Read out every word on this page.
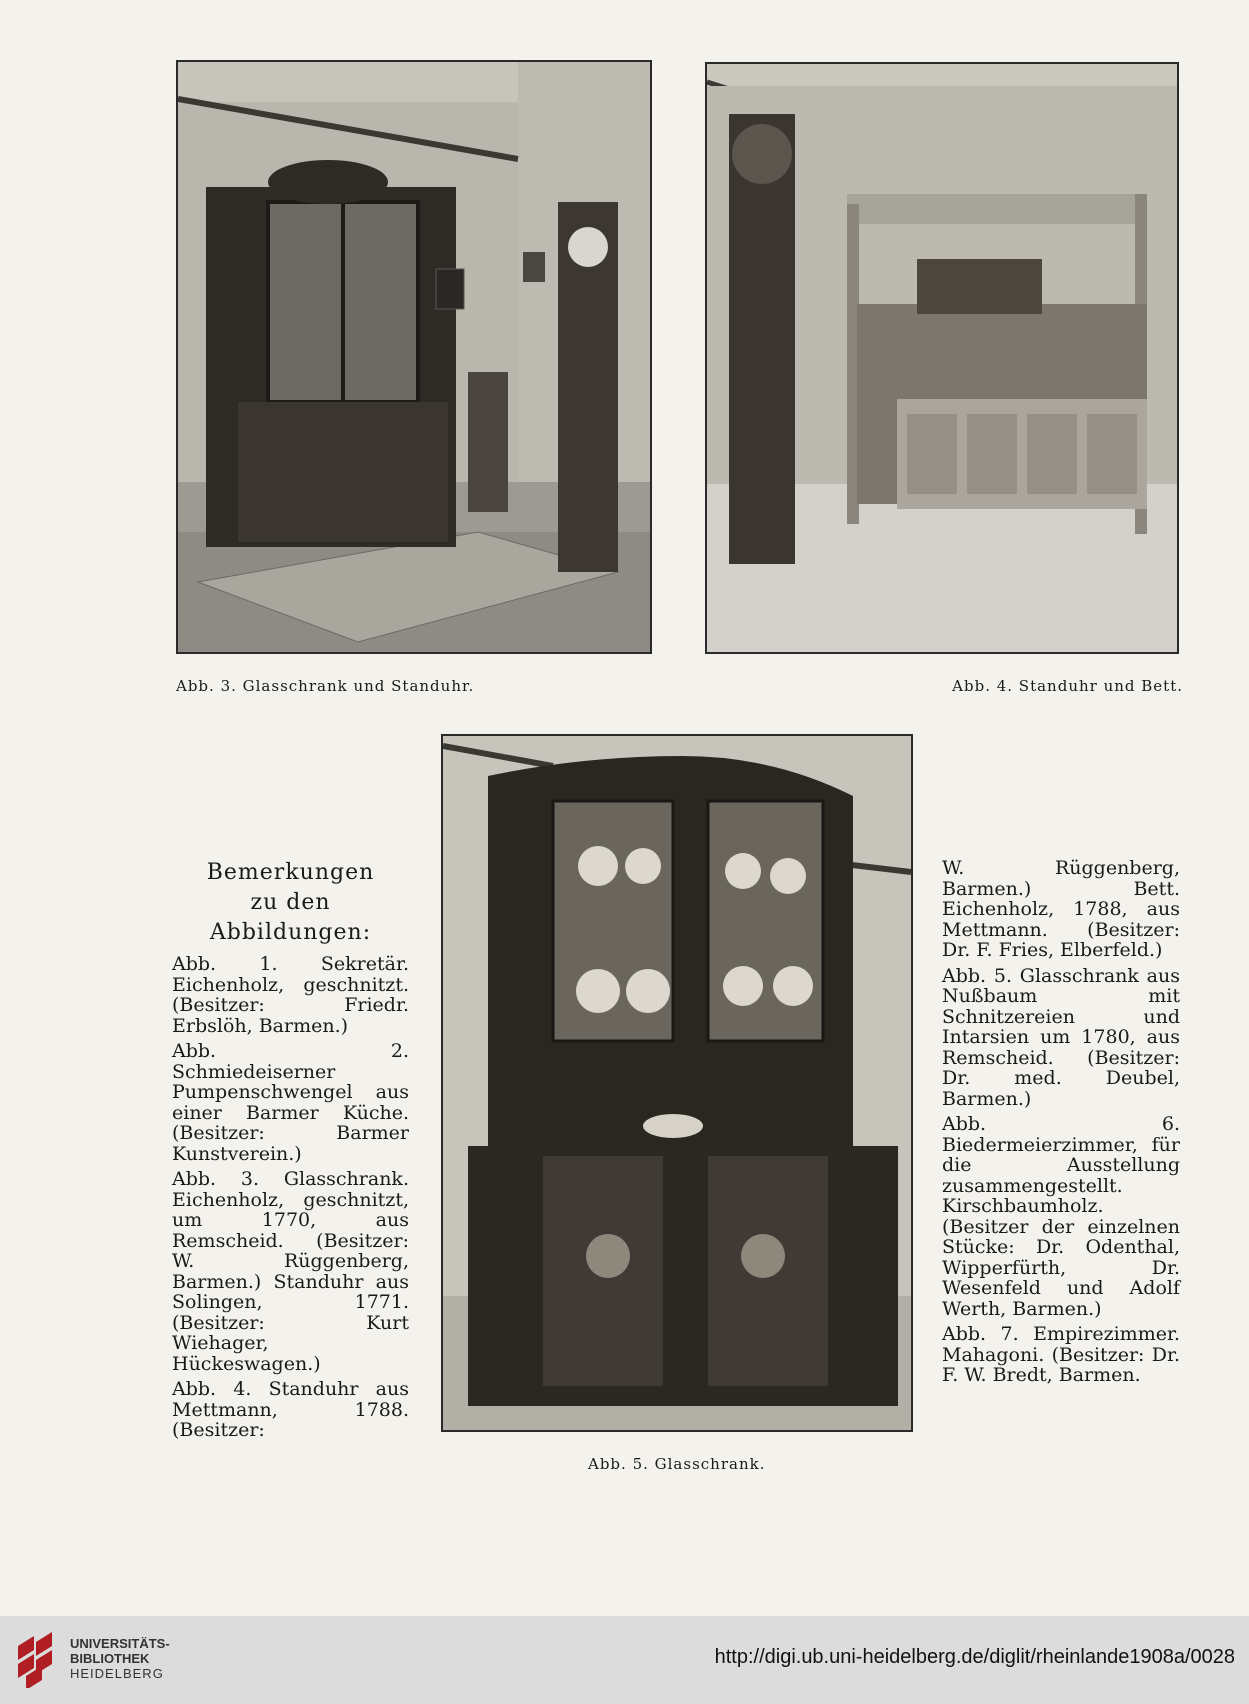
Abb. 3. Glasschrank und Standuhr.	Abb. 4. Standuhr und Bett.
Abb. 5. Glasschrank.
Bemerkungen
zu den Abbildungen:

Abb. 1. Sekretär. Eichenholz, geschnitzt. (Besitzer: Friedr. Erbslöh, Barmen.)

Abb. 2. Schmiedeiserner Pumpenschwengel aus einer Barmer Küche. (Besitzer: Barmer Kunstverein.)

Abb. 3. Glasschrank. Eichenholz, geschnitzt, um 1770, aus Remscheid. (Besitzer: W. Rüggenberg, Barmen.) Standuhr aus Solingen, 1771. (Besitzer: Kurt Wiehager, Hückeswagen.)

Abb. 4. Standuhr aus Mettmann, 1788. (Besitzer:

W. Rüggenberg, Barmen.) Bett. Eichenholz, 1788, aus Mettmann. (Besitzer: Dr. F. Fries, Elberfeld.)

Abb. 5. Glasschrank aus Nußbaum mit Schnitzereien und Intarsien um 1780, aus Remscheid. (Besitzer: Dr. med. Deubel, Barmen.)

Abb. 6. Biedermeierzimmer, für die Ausstellung zusammengestellt. Kirschbaumholz. (Besitzer der einzelnen Stücke: Dr. Odenthal, Wipperfürth, Dr. Wesenfeld und Adolf Werth, Barmen.)

Abb. 7. Empirezimmer. Mahagoni. (Besitzer: Dr. F. W. Bredt, Barmen.

UNIVERSITÄTS-
BIBLIOTHEK
HEIDELBERG
http://digi.ub.uni-heidelberg.de/diglit/rheinlande1908a/0028
